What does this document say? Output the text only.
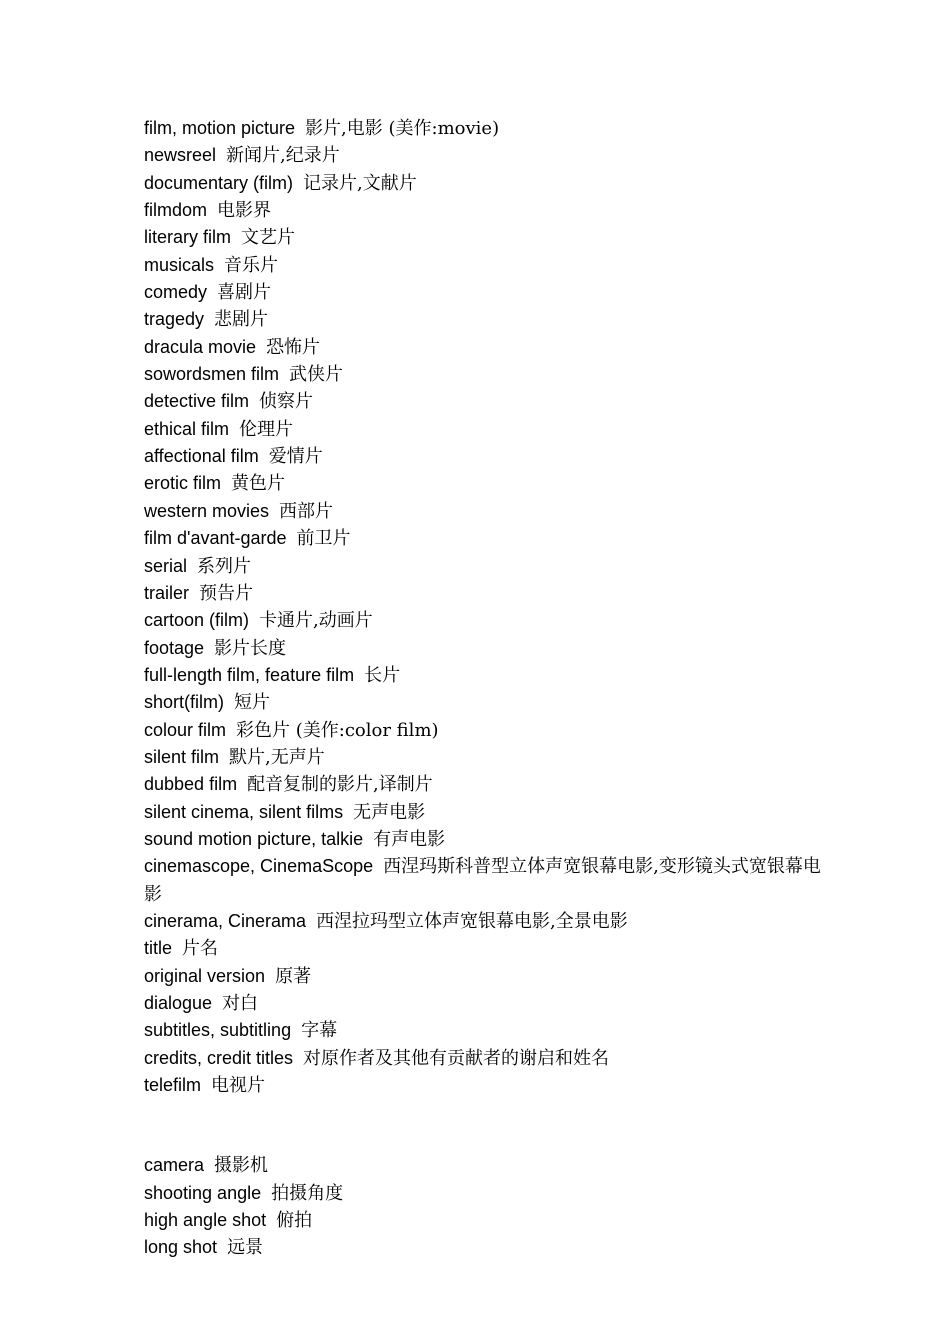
film, motion picture 影片,电影 (美作:movie)
newsreel 新闻片,纪录片
documentary (film) 记录片,文献片
filmdom 电影界
literary film 文艺片
musicals 音乐片
comedy 喜剧片
tragedy 悲剧片
dracula movie 恐怖片
sowordsmen film 武侠片
detective film 侦察片
ethical film 伦理片
affectional film 爱情片
erotic film 黄色片
western movies 西部片
film d'avant-garde 前卫片
serial 系列片
trailer 预告片
cartoon (film) 卡通片,动画片
footage 影片长度
full-length film, feature film 长片
short(film) 短片
colour film 彩色片 (美作:color film)
silent film 默片,无声片
dubbed film 配音复制的影片,译制片
silent cinema, silent films 无声电影
sound motion picture, talkie 有声电影
cinemascope, CinemaScope 西涅玛斯科普型立体声宽银幕电影,变形镜头式宽银幕电影
cinerama, Cinerama 西涅拉玛型立体声宽银幕电影,全景电影
title 片名
original version 原著
dialogue 对白
subtitles, subtitling 字幕
credits, credit titles 对原作者及其他有贡献者的谢启和姓名
telefilm 电视片
camera 摄影机
shooting angle 拍摄角度
high angle shot 俯拍
long shot 远景
